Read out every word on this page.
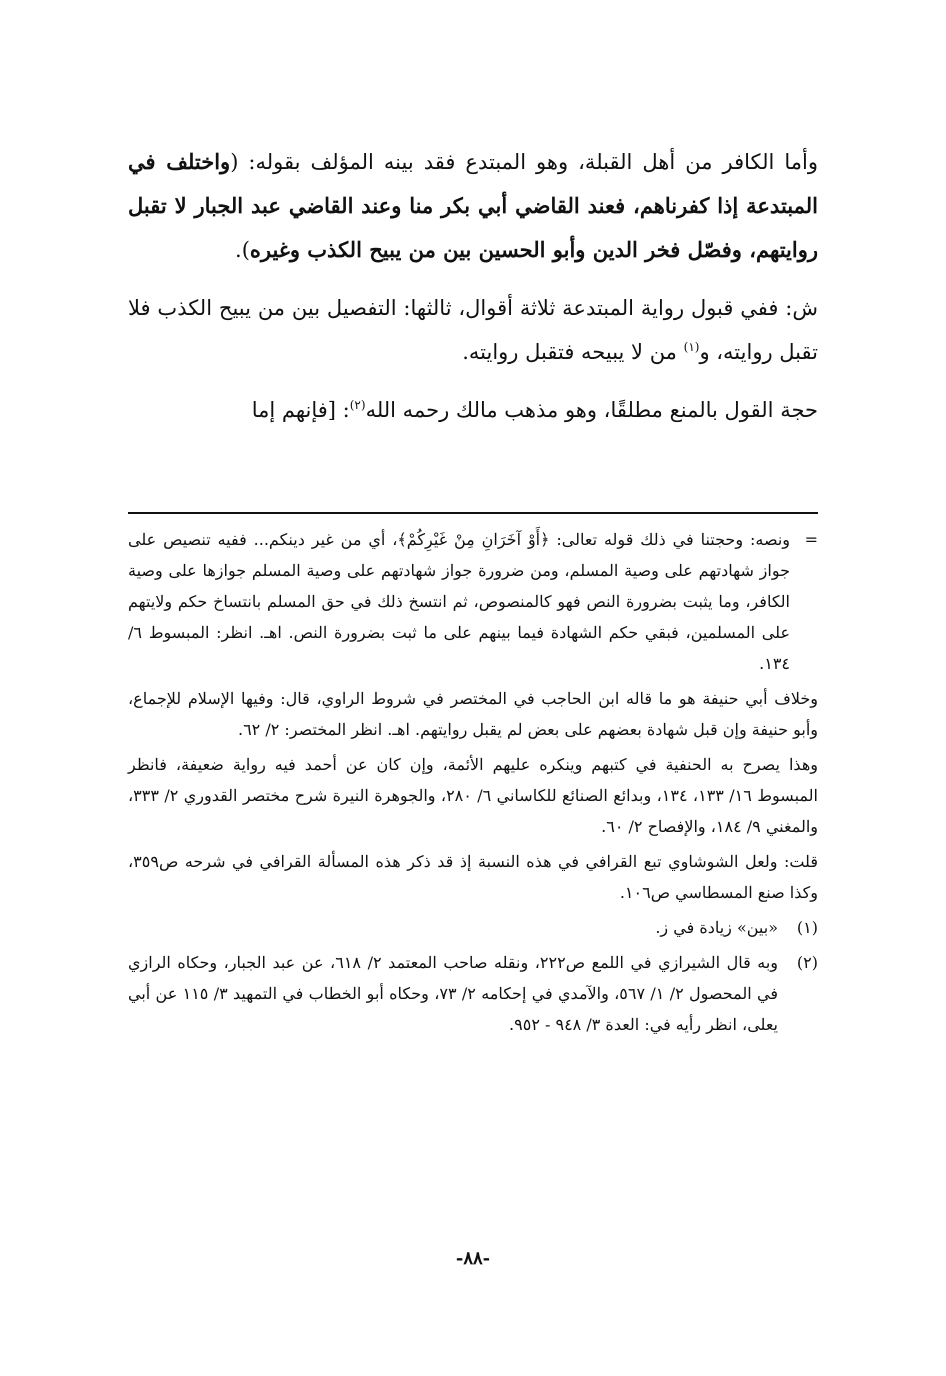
وأما الكافر من أهل القبلة، وهو المبتدع فقد بينه المؤلف بقوله: (واختلف في المبتدعة إذا كفرناهم، فعند القاضي أبي بكر منا وعند القاضي عبد الجبار لا تقبل روايتهم، وفصّل فخر الدين وأبو الحسين بين من يبيح الكذب وغيره).

ش: ففي قبول رواية المبتدعة ثلاثة أقوال، ثالثها: التفصيل بين من يبيح الكذب فلا تقبل روايته، و$^{(١)}$ من لا يبيحه فتقبل روايته.

حجة القول بالمنع مطلقًا، وهو مذهب مالك رحمه الله$^{(٢)}$: [فإنهم إما

=
ونصه: وحجتنا في ذلك قوله تعالى: ﴿أَوْ آخَرَانِ مِنْ غَيْرِكُمْ﴾، أي من غير دينكم... ففيه تنصيص على جواز شهادتهم على وصية المسلم، ومن ضرورة جواز شهادتهم على وصية المسلم جوازها على وصية الكافر، وما يثبت بضرورة النص فهو كالمنصوص، ثم انتسخ ذلك في حق المسلم بانتساخ حكم ولايتهم على المسلمين، فبقي حكم الشهادة فيما بينهم على ما ثبت بضرورة النص. اهـ. انظر: المبسوط ٦/ ١٣٤.

وخلاف أبي حنيفة هو ما قاله ابن الحاجب في المختصر في شروط الراوي، قال: وفيها الإسلام للإجماع، وأبو حنيفة وإن قبل شهادة بعضهم على بعض لم يقبل روايتهم. اهـ. انظر المختصر: ٢/ ٦٢.

وهذا يصرح به الحنفية في كتبهم وينكره عليهم الأئمة، وإن كان عن أحمد فيه رواية ضعيفة، فانظر المبسوط ١٦/ ١٣٣، ١٣٤، وبدائع الصنائع للكاساني ٦/ ٢٨٠، والجوهرة النيرة شرح مختصر القدوري ٢/ ٣٣٣، والمغني ٩/ ١٨٤، والإفصاح ٢/ ٦٠.

قلت: ولعل الشوشاوي تبع القرافي في هذه النسبة إذ قد ذكر هذه المسألة القرافي في شرحه ص٣٥٩، وكذا صنع المسطاسي ص١٠٦.

(١)
«بين» زيادة في ز.

(٢)
وبه قال الشيرازي في اللمع ص٢٢٢، ونقله صاحب المعتمد ٢/ ٦١٨، عن عبد الجبار، وحكاه الرازي في المحصول ٢/ ١/ ٥٦٧، والآمدي في إحكامه ٢/ ٧٣، وحكاه أبو الخطاب في التمهيد ٣/ ١١٥ عن أبي يعلى، انظر رأيه في: العدة ٣/ ٩٤٨ - ٩٥٢.

-٨٨-
